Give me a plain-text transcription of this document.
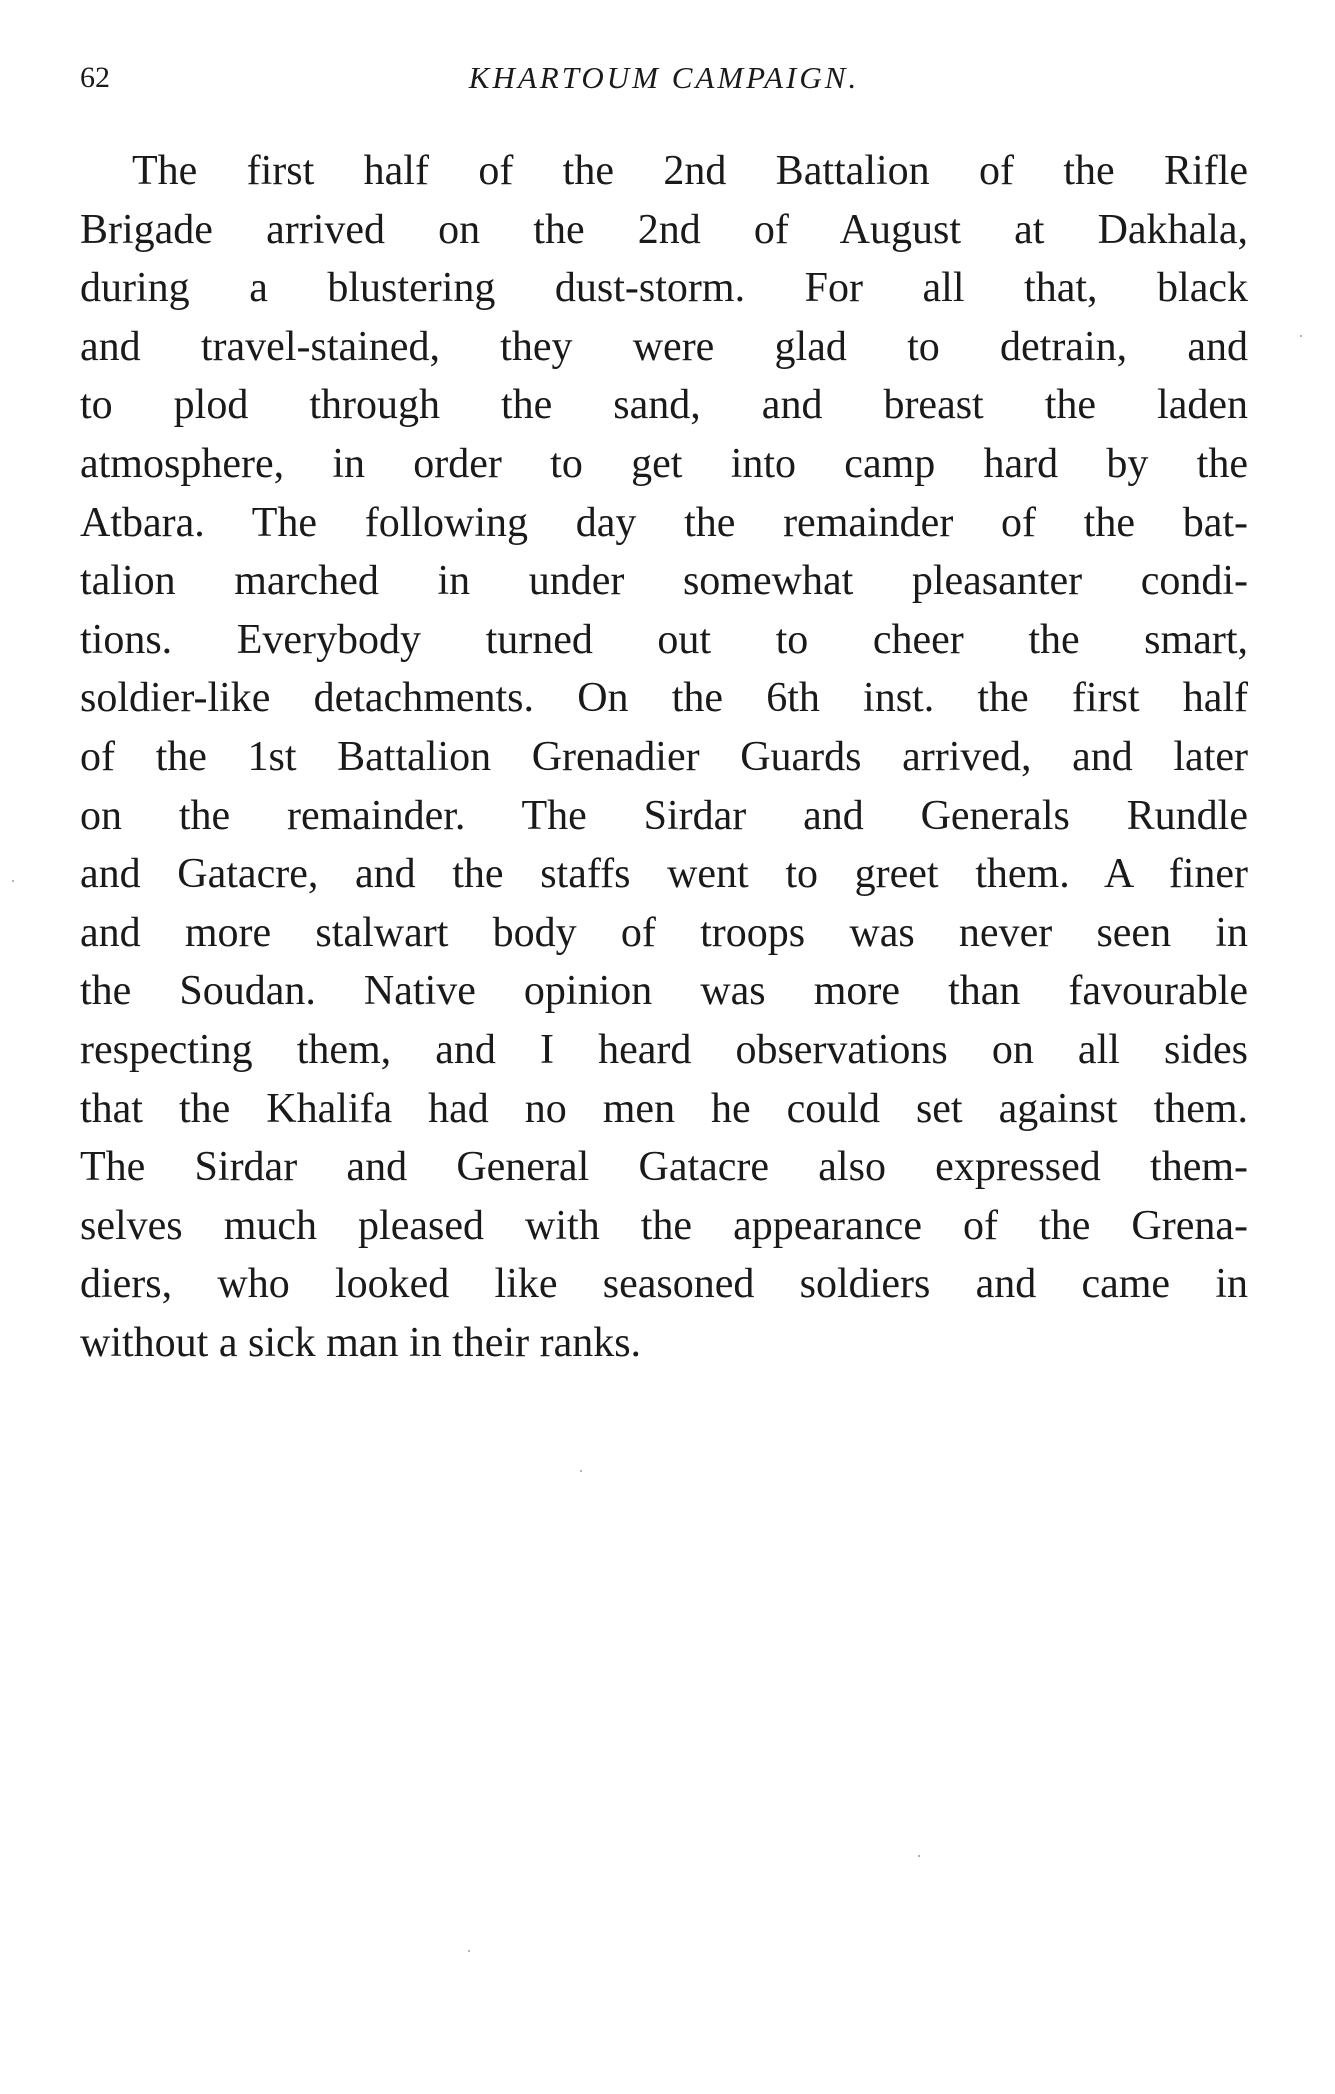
62	KHARTOUM CAMPAIGN.
The first half of the 2nd Battalion of the Rifle
Brigade arrived on the 2nd of August at Dakhala,
during a blustering dust-storm. For all that, black
and travel-stained, they were glad to detrain, and
to plod through the sand, and breast the laden
atmosphere, in order to get into camp hard by the
Atbara. The following day the remainder of the bat-
talion marched in under somewhat pleasanter condi-
tions. Everybody turned out to cheer the smart,
soldier-like detachments. On the 6th inst. the first half
of the 1st Battalion Grenadier Guards arrived, and later
on the remainder. The Sirdar and Generals Rundle
and Gatacre, and the staffs went to greet them. A finer
and more stalwart body of troops was never seen in
the Soudan. Native opinion was more than favourable
respecting them, and I heard observations on all sides
that the Khalifa had no men he could set against them.
The Sirdar and General Gatacre also expressed them-
selves much pleased with the appearance of the Grena-
diers, who looked like seasoned soldiers and came in
without a sick man in their ranks.
